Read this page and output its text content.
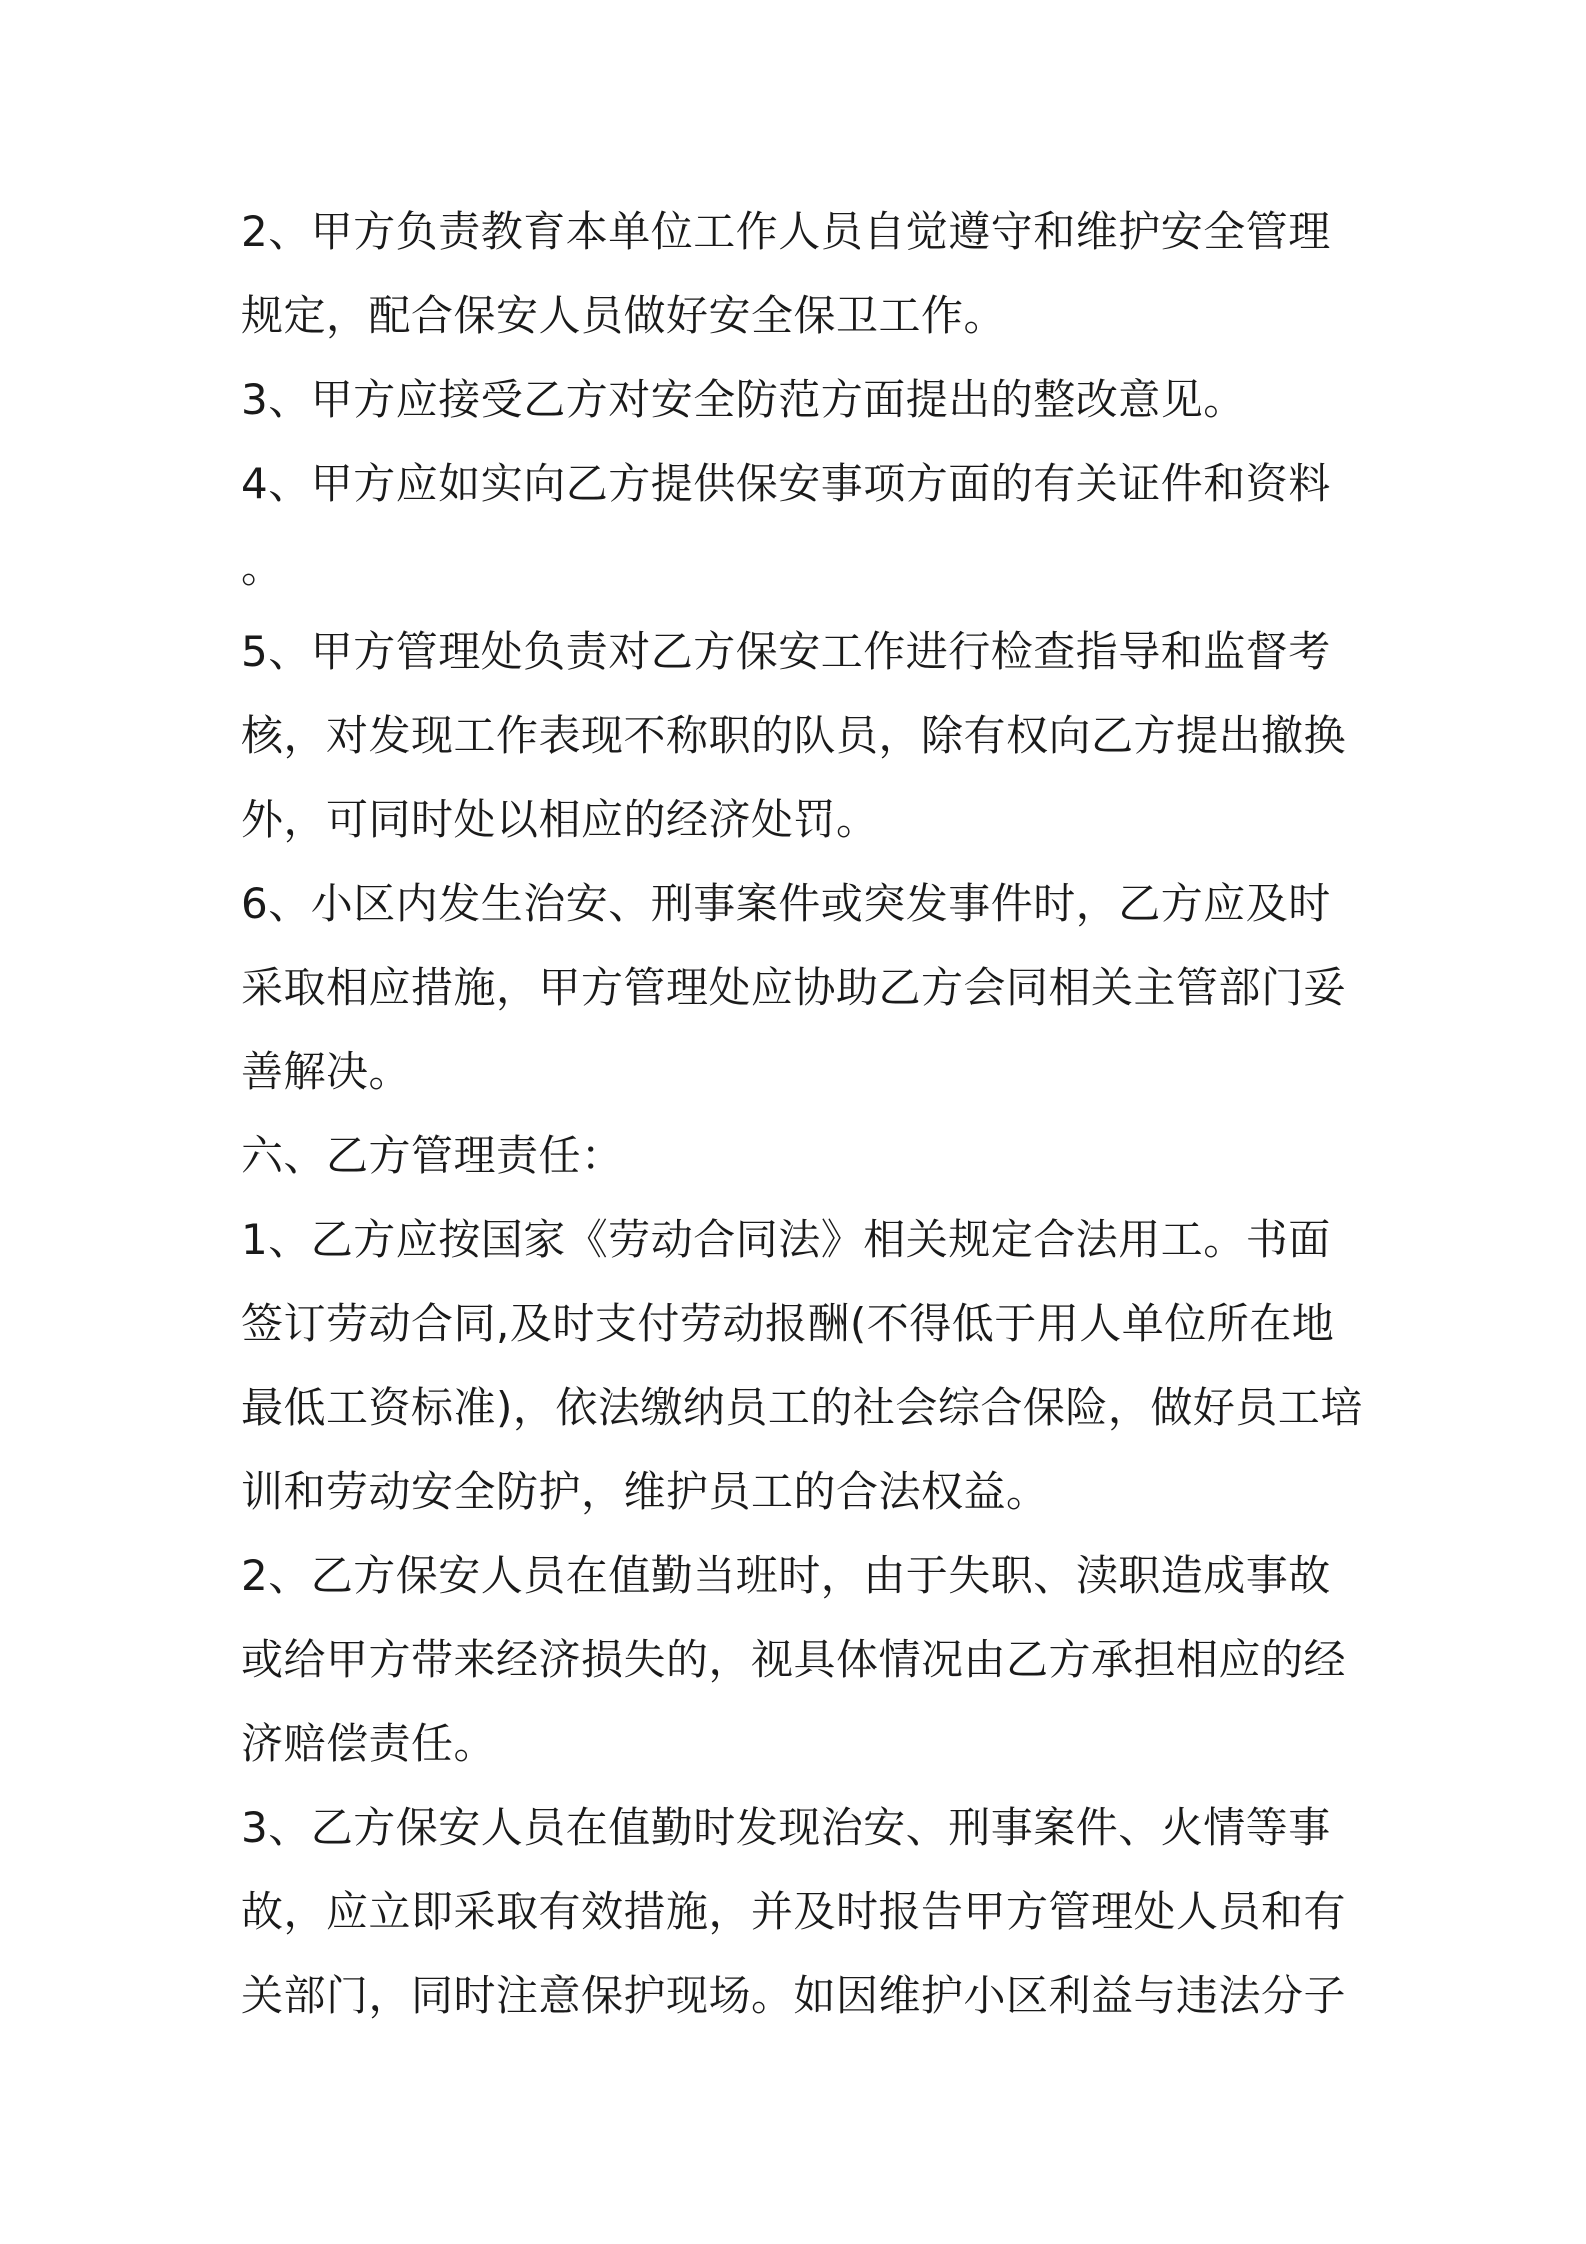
2、甲方负责教育本单位工作人员自觉遵守和维护安全管理
规定，配合保安人员做好安全保卫工作。
3、甲方应接受乙方对安全防范方面提出的整改意见。
4、甲方应如实向乙方提供保安事项方面的有关证件和资料
。
5、甲方管理处负责对乙方保安工作进行检查指导和监督考
核，对发现工作表现不称职的队员，除有权向乙方提出撤换
外，可同时处以相应的经济处罚。
6、小区内发生治安、刑事案件或突发事件时，乙方应及时
采取相应措施，甲方管理处应协助乙方会同相关主管部门妥
善解决。
六、乙方管理责任：
1、乙方应按国家《劳动合同法》相关规定合法用工。书面
签订劳动合同,及时支付劳动报酬(不得低于用人单位所在地
最低工资标准)，依法缴纳员工的社会综合保险，做好员工培
训和劳动安全防护，维护员工的合法权益。
2、乙方保安人员在值勤当班时，由于失职、渎职造成事故
或给甲方带来经济损失的，视具体情况由乙方承担相应的经
济赔偿责任。
3、乙方保安人员在值勤时发现治安、刑事案件、火情等事
故，应立即采取有效措施，并及时报告甲方管理处人员和有
关部门，同时注意保护现场。如因维护小区利益与违法分子
